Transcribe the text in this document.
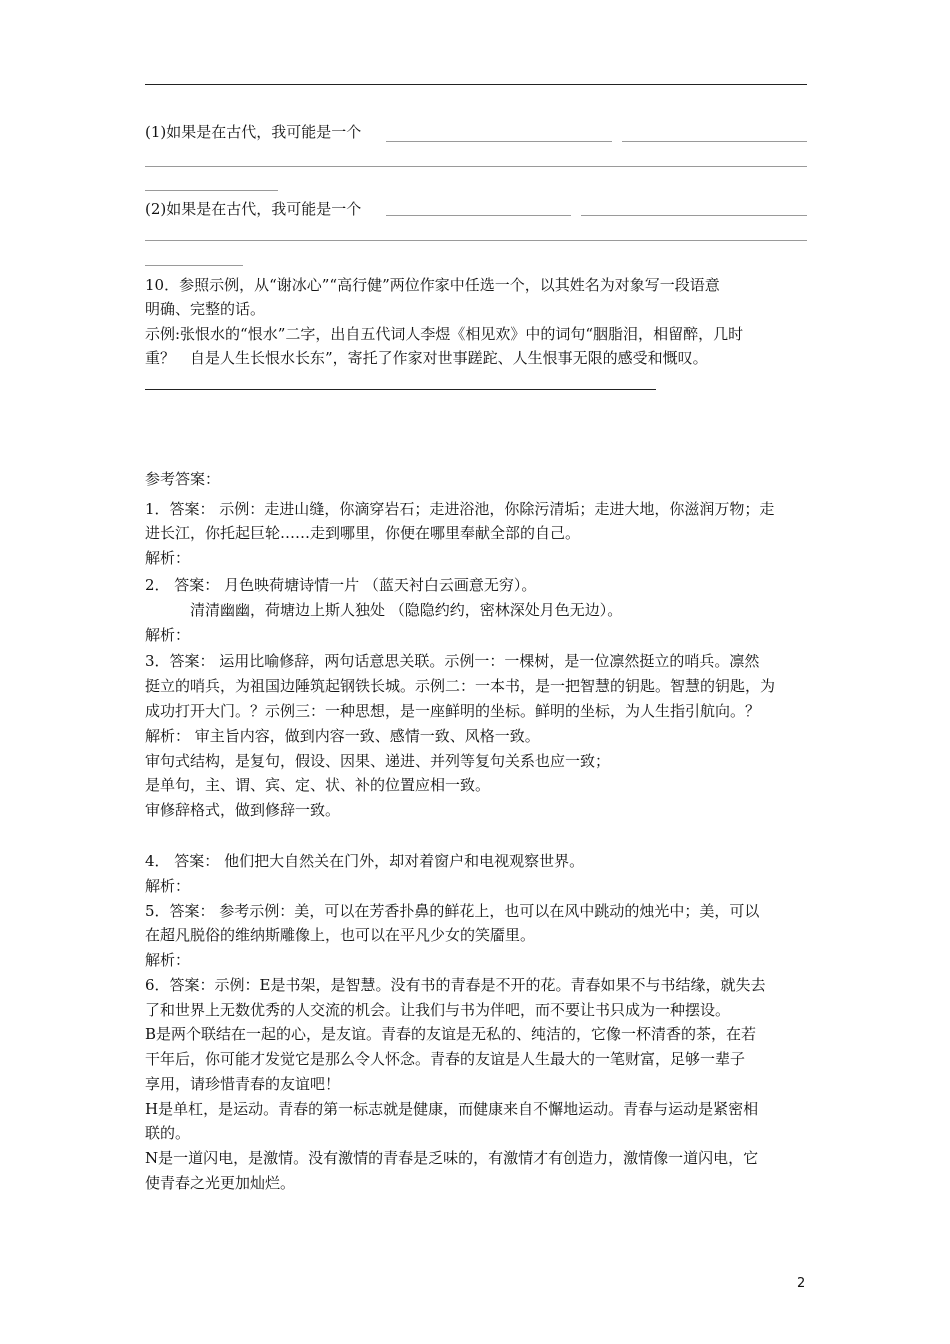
(1)如果是在古代，我可能是一个
(2)如果是在古代，我可能是一个
10．参照示例，从“谢冰心”“高行健”两位作家中任选一个，以其姓名为对象写一段语意
明确、完整的话。
示例:张恨水的“恨水”二字，出自五代词人李煜《相见欢》中的词句“胭脂泪，相留醉，几时
重？　自是人生长恨水长东”，寄托了作家对世事蹉跎、人生恨事无限的感受和慨叹。
参考答案：
1．答案： 示例：走进山缝，你滴穿岩石；走进浴池，你除污清垢；走进大地，你滋润万物；走
进长江，你托起巨轮……走到哪里，你便在哪里奉献全部的自己。
解析：
2． 答案： 月色映荷塘诗情一片 （蓝天衬白云画意无穷）。
清清幽幽，荷塘边上斯人独处 （隐隐约约，密林深处月色无边）。
解析：
3．答案： 运用比喻修辞，两句话意思关联。示例一：一棵树，是一位凛然挺立的哨兵。凛然
挺立的哨兵，为祖国边陲筑起钢铁长城。示例二：一本书，是一把智慧的钥匙。智慧的钥匙，为
成功打开大门。？示例三：一种思想，是一座鲜明的坐标。鲜明的坐标，为人生指引航向。？
解析： 审主旨内容，做到内容一致、感情一致、风格一致。
审句式结构，是复句，假设、因果、递进、并列等复句关系也应一致；
是单句，主、谓、宾、定、状、补的位置应相一致。
审修辞格式，做到修辞一致。
4． 答案： 他们把大自然关在门外，却对着窗户和电视观察世界。
解析：
5．答案： 参考示例：美，可以在芳香扑鼻的鲜花上，也可以在风中跳动的烛光中；美，可以
在超凡脱俗的维纳斯雕像上，也可以在平凡少女的笑靥里。
解析：
6．答案：示例：E是书架，是智慧。没有书的青春是不开的花。青春如果不与书结缘，就失去
了和世界上无数优秀的人交流的机会。让我们与书为伴吧，而不要让书只成为一种摆设。
B是两个联结在一起的心，是友谊。青春的友谊是无私的、纯洁的，它像一杯清香的茶，在若
干年后，你可能才发觉它是那么令人怀念。青春的友谊是人生最大的一笔财富，足够一辈子
享用，请珍惜青春的友谊吧！
H是单杠，是运动。青春的第一标志就是健康，而健康来自不懈地运动。青春与运动是紧密相
联的。
N是一道闪电，是激情。没有激情的青春是乏味的，有激情才有创造力，激情像一道闪电，它
使青春之光更加灿烂。
2
